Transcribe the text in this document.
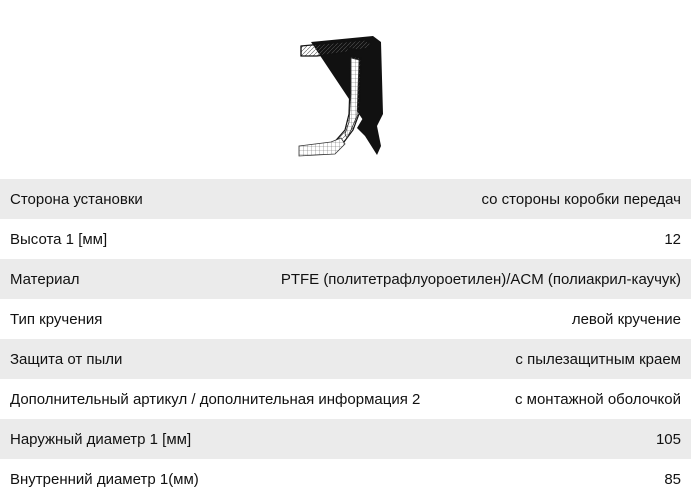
Сторона установки	со стороны коробки передач
Высота 1 [мм]	12
Материал	PTFE (политетрафлуороетилен)/ACM (полиакрил-каучук)
Тип кручения	левой кручение
Защита от пыли	с пылезащитным краем
Дополнительный артикул / дополнительная информация 2	с монтажной оболочкой
Наружный диаметр 1 [мм]	105
Внутренний диаметр 1(мм)	85
